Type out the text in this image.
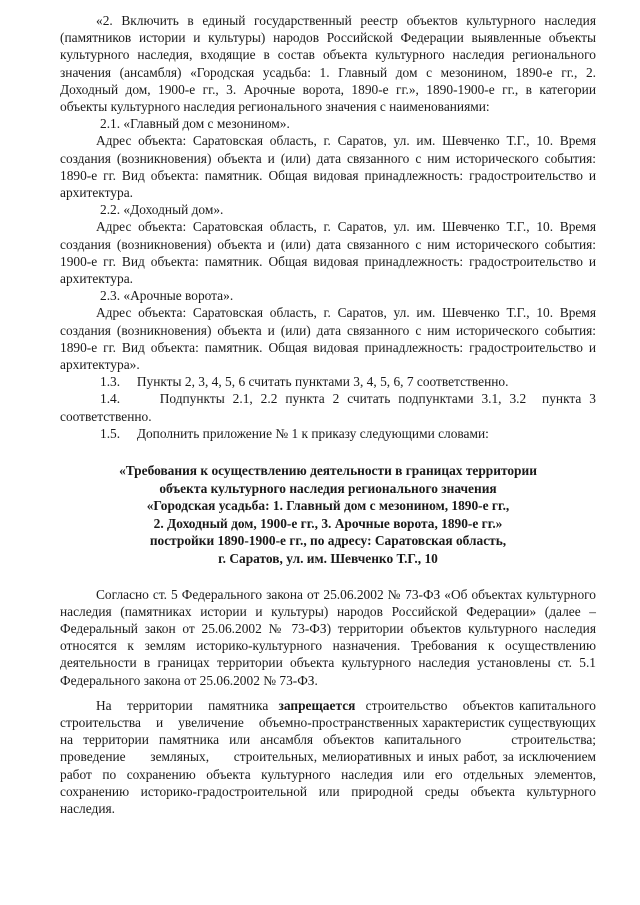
«2. Включить в единый государственный реестр объектов культурного наследия (памятников истории и культуры) народов Российской Федерации выявленные объекты культурного наследия, входящие в состав объекта культурного наследия регионального значения (ансамбля) «Городская усадьба: 1. Главный дом с мезонином, 1890-е гг., 2. Доходный дом, 1900-е гг., 3. Арочные ворота, 1890-е гг.», 1890-1900-е гг., в категории объекты культурного наследия регионального значения с наименованиями:

2.1. «Главный дом с мезонином».

Адрес объекта: Саратовская область, г. Саратов, ул. им. Шевченко Т.Г., 10. Время создания (возникновения) объекта и (или) дата связанного с ним исторического события: 1890-е гг. Вид объекта: памятник. Общая видовая принадлежность: градостроительство и архитектура.

2.2. «Доходный дом».

Адрес объекта: Саратовская область, г. Саратов, ул. им. Шевченко Т.Г., 10. Время создания (возникновения) объекта и (или) дата связанного с ним исторического события: 1900-е гг. Вид объекта: памятник. Общая видовая принадлежность: градостроительство и архитектура.

2.3. «Арочные ворота».

Адрес объекта: Саратовская область, г. Саратов, ул. им. Шевченко Т.Г., 10. Время создания (возникновения) объекта и (или) дата связанного с ним исторического события: 1890-е гг. Вид объекта: памятник. Общая видовая принадлежность: градостроительство и архитектура».

1.3.     Пункты 2, 3, 4, 5, 6 считать пунктами 3, 4, 5, 6, 7 соответственно.

1.4.     Подпункты 2.1, 2.2 пункта 2 считать подпунктами 3.1, 3.2  пункта 3 соответственно.

1.5.     Дополнить приложение № 1 к приказу следующими словами:

«Требования к осуществлению деятельности в границах территории
объекта культурного наследия регионального значения
«Городская усадьба: 1. Главный дом с мезонином, 1890-е гг.,
2. Доходный дом, 1900-е гг., 3. Арочные ворота, 1890-е гг.»
постройки 1890-1900-е гг., по адресу: Саратовская область,
г. Саратов, ул. им. Шевченко Т.Г., 10

Согласно ст. 5 Федерального закона от 25.06.2002 № 73-ФЗ «Об объектах культурного наследия (памятниках истории и культуры) народов Российской Федерации» (далее – Федеральный закон от 25.06.2002 № 73-ФЗ) территории объектов культурного наследия относятся к землям историко-культурного назначения. Требования к осуществлению деятельности в границах территории объекта культурного наследия установлены ст. 5.1 Федерального закона от 25.06.2002 № 73-ФЗ.

На   территории   памятника  запрещается  строительство   объектов капитального    строительства    и    увеличение    объемно-пространственных характеристик существующих на территории памятника или ансамбля объектов капитального     строительства;     проведение     земляных,     строительных, мелиоративных и иных работ, за исключением работ по сохранению объекта культурного наследия или его отдельных элементов, сохранению историко-градостроительной или природной среды объекта культурного наследия.
